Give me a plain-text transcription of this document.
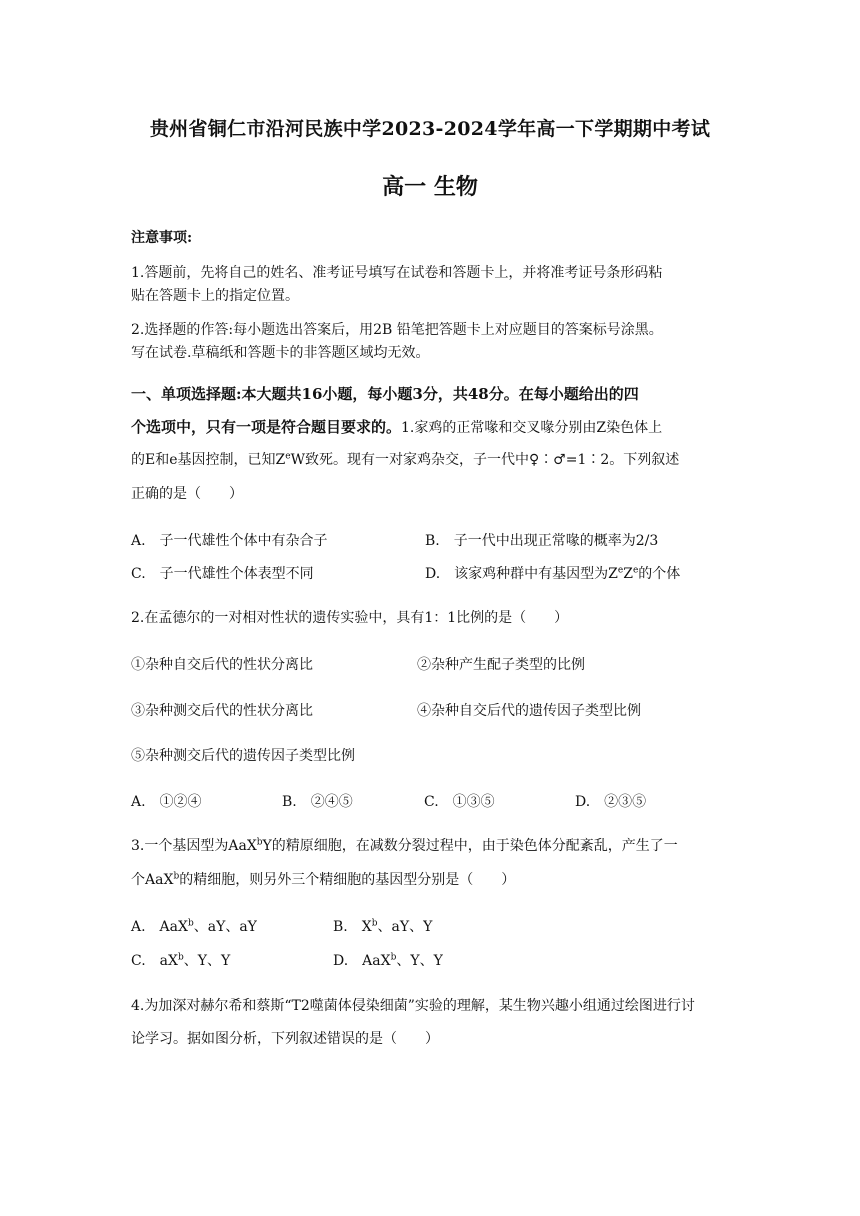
贵州省铜仁市沿河民族中学2023-2024学年高一下学期期中考试
高一 生物
注意事项:
1.答题前，先将自己的姓名、准考证号填写在试卷和答题卡上，并将准考证号条形码粘
贴在答题卡上的指定位置。
2.选择题的作答:每小题选出答案后，用2B 铅笔把答题卡上对应题目的答案标号涂黑。
写在试卷.草稿纸和答题卡的非答题区域均无效。
一、单项选择题:本大题共16小题，每小题3分，共48分。在每小题给出的四
个选项中，只有一项是符合题目要求的。1.家鸡的正常喙和交叉喙分别由Z染色体上
的E和e基因控制，已知$Z^eW$致死。现有一对家鸡杂交，子一代中♀∶♂=1∶2。下列叙述
正确的是（　　）
A.　子一代雄性个体中有杂合子	B.　子一代中出现正常喙的概率为2/3
C.　子一代雄性个体表型不同	D.　该家鸡种群中有基因型为$Z^eZ^e$的个体
2.在孟德尔的一对相对性状的遗传实验中，具有1：1比例的是（　　）
①杂种自交后代的性状分离比	②杂种产生配子类型的比例
③杂种测交后代的性状分离比	④杂种自交后代的遗传因子类型比例
⑤杂种测交后代的遗传因子类型比例
A.　①②④	B.　②④⑤	C.　①③⑤	D.　②③⑤
3.一个基因型为AaX$^b$Y的精原细胞，在减数分裂过程中，由于染色体分配紊乱，产生了一
个AaX$^b$的精细胞，则另外三个精细胞的基因型分别是（　　）
A.　AaX$^b$、aY、aY	B.　$X^b$、aY、Y
C.　$aX^b$、Y、Y	D.　AaX$^b$、Y、Y
4.为加深对赫尔希和蔡斯“T2噬菌体侵染细菌”实验的理解，某生物兴趣小组通过绘图进行讨
论学习。据如图分析，下列叙述错误的是（　　）
